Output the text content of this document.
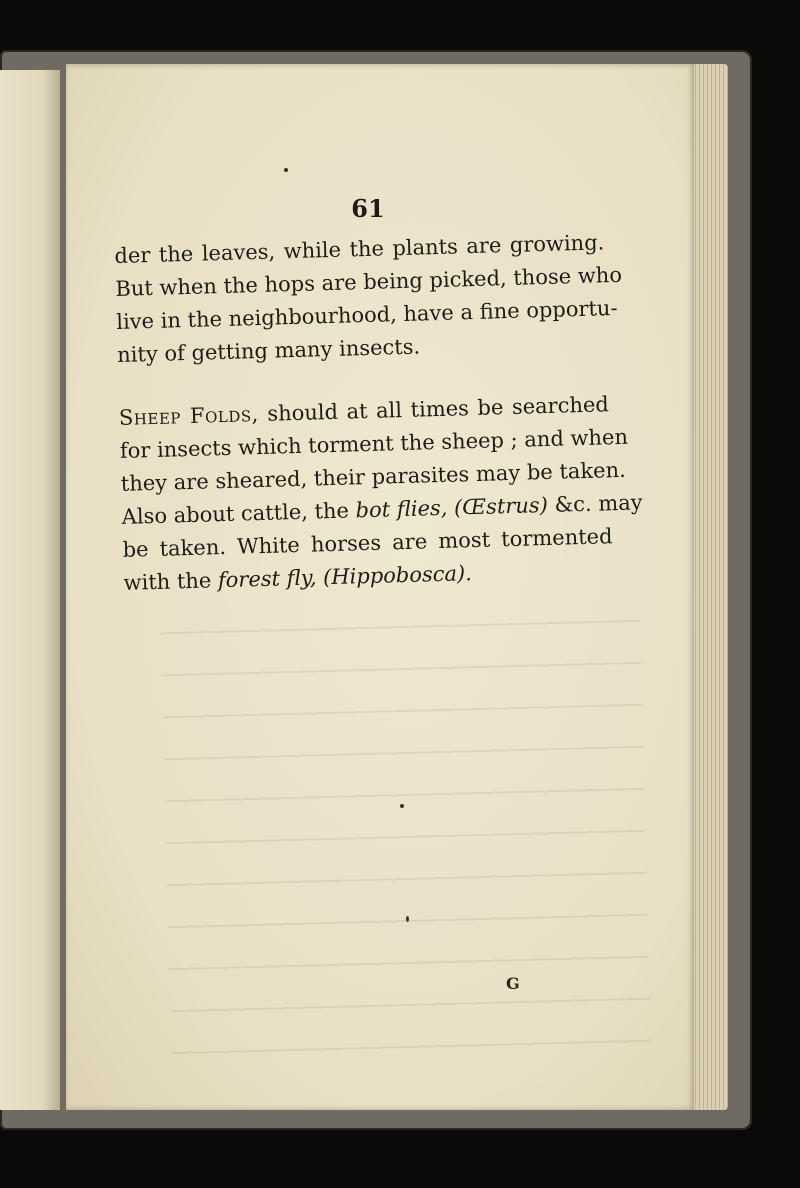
61
der the leaves, while the plants are growing.
But when the hops are being picked, those who
live in the neighbourhood, have a fine opportu-
nity of getting many insects.
Sheep Folds, should at all times be searched
for insects which torment the sheep ; and when
they are sheared, their parasites may be taken.
Also about cattle, the bot flies, (Œstrus) &c. may
be taken. White horses are most tormented
with the forest fly, (Hippobosca).
G
